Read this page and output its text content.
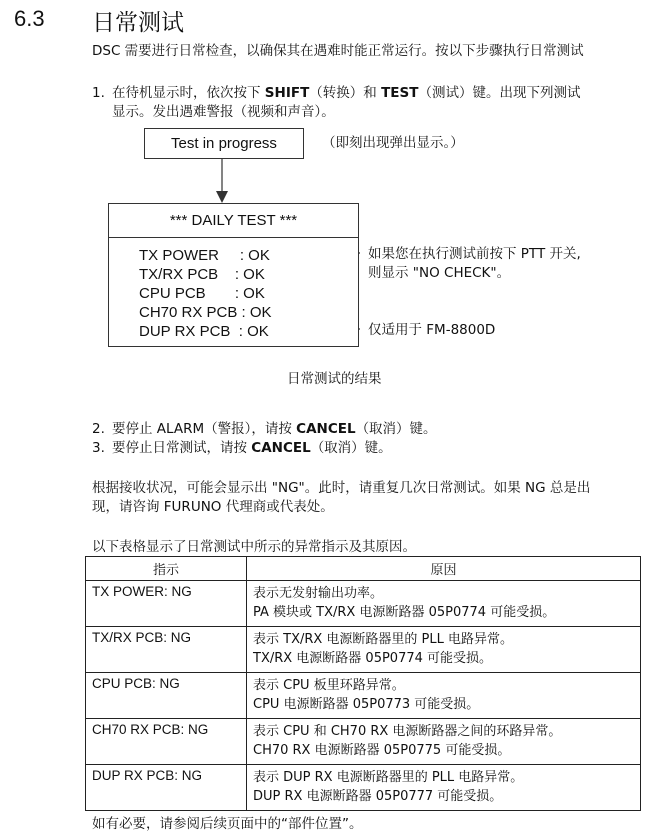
6.3 日常测试
DSC 需要进行日常检查，以确保其在遇难时能正常运行。按以下步骤执行日常测试
1. 在待机显示时，依次按下 SHIFT（转换）和 TEST（测试）键。出现下列测试
显示。发出遇难警报（视频和声音）。
Test in progress	（即刻出现弹出显示。）
*** DAILY TEST ***
TX POWER     : OK
TX/RX PCB    : OK
CPU PCB       : OK
CH70 RX PCB : OK
DUP RX PCB  : OK
如果您在执行测试前按下 PTT 开关,
则显示 "NO CHECK"。
仅适用于 FM-8800D
日常测试的结果
2. 要停止 ALARM（警报），请按 CANCEL（取消）键。
3. 要停止日常测试，请按 CANCEL（取消）键。
根据接收状况，可能会显示出 "NG"。此时，请重复几次日常测试。如果 NG 总是出
现，请咨询 FURUNO 代理商或代表处。
以下表格显示了日常测试中所示的异常指示及其原因。
指示	原因
TX POWER: NG	表示无发射输出功率。
PA 模块或 TX/RX 电源断路器 05P0774 可能受损。

TX/RX PCB: NG	表示 TX/RX 电源断路器里的 PLL 电路异常。
TX/RX 电源断路器 05P0774 可能受损。

CPU PCB: NG	表示 CPU 板里环路异常。
CPU 电源断路器 05P0773 可能受损。

CH70 RX PCB: NG	表示 CPU 和 CH70 RX 电源断路器之间的环路异常。
CH70 RX 电源断路器 05P0775 可能受损。

DUP RX PCB: NG	表示 DUP RX 电源断路器里的 PLL 电路异常。
DUP RX 电源断路器 05P0777 可能受损。
如有必要，请参阅后续页面中的“部件位置”。
